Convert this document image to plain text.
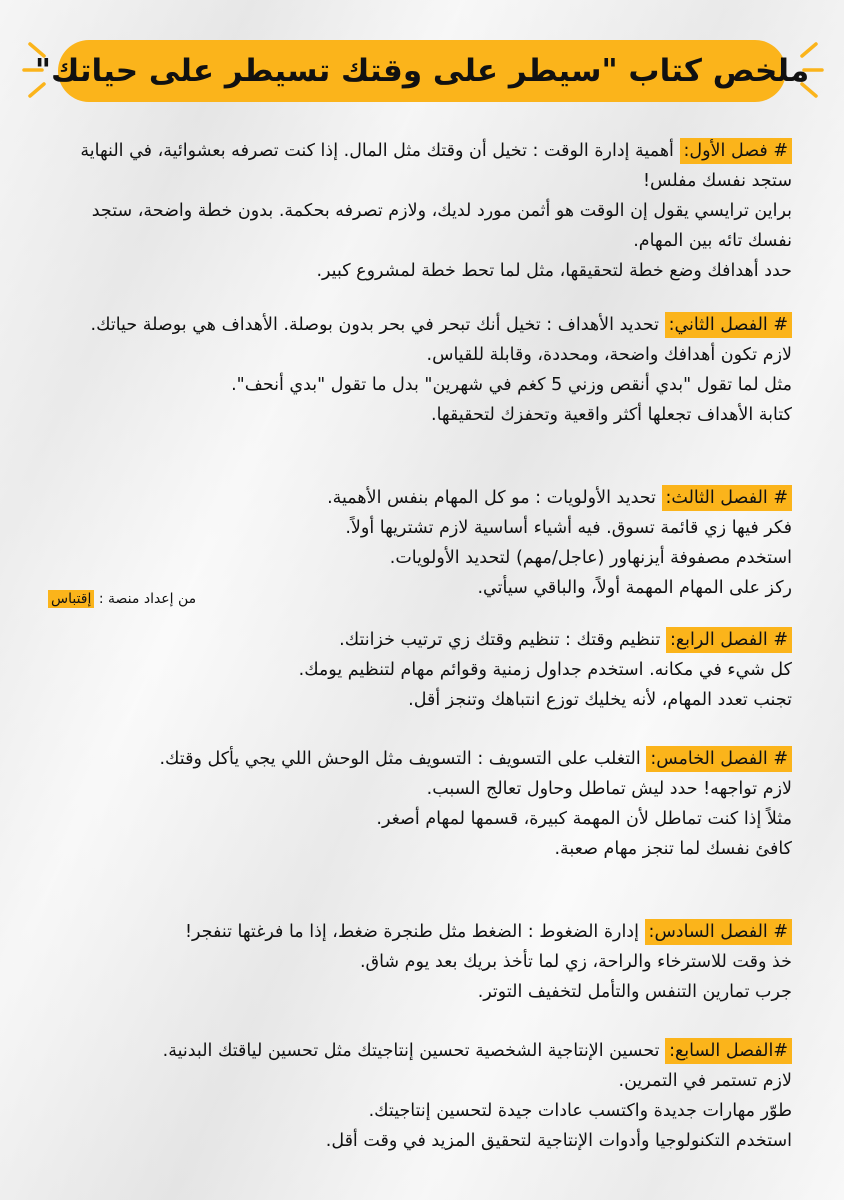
ملخص كتاب "سيطر على وقتك تسيطر على حياتك"
# فصل الأول: أهمية إدارة الوقت : تخيل أن وقتك مثل المال. إذا كنت تصرفه بعشوائية، في النهاية ستجد نفسك مفلس!
براين ترايسي يقول إن الوقت هو أثمن مورد لديك، ولازم تصرفه بحكمة. بدون خطة واضحة، ستجد نفسك تائه بين المهام.
حدد أهدافك وضع خطة لتحقيقها، مثل لما تحط خطة لمشروع كبير.
# الفصل الثاني: تحديد الأهداف : تخيل أنك تبحر في بحر بدون بوصلة. الأهداف هي بوصلة حياتك.
لازم تكون أهدافك واضحة، ومحددة، وقابلة للقياس.
مثل لما تقول "بدي أنقص وزني 5 كغم في شهرين" بدل ما تقول "بدي أنحف".
كتابة الأهداف تجعلها أكثر واقعية وتحفزك لتحقيقها.
# الفصل الثالث: تحديد الأولويات : مو كل المهام بنفس الأهمية.
فكر فيها زي قائمة تسوق. فيه أشياء أساسية لازم تشتريها أولاً.
استخدم مصفوفة أيزنهاور (عاجل/مهم) لتحديد الأولويات.
ركز على المهام المهمة أولاً، والباقي سيأتي.
من إعداد منصة : إقتباس
# الفصل الرابع: تنظيم وقتك : تنظيم وقتك زي ترتيب خزانتك.
كل شيء في مكانه. استخدم جداول زمنية وقوائم مهام لتنظيم يومك.
تجنب تعدد المهام، لأنه يخليك توزع انتباهك وتنجز أقل.
# الفصل الخامس: التغلب على التسويف : التسويف مثل الوحش اللي يجي يأكل وقتك.
لازم تواجهه! حدد ليش تماطل وحاول تعالج السبب.
مثلاً إذا كنت تماطل لأن المهمة كبيرة، قسمها لمهام أصغر.
كافئ نفسك لما تنجز مهام صعبة.
# الفصل السادس: إدارة الضغوط : الضغط مثل طنجرة ضغط، إذا ما فرغتها تنفجر!
خذ وقت للاسترخاء والراحة، زي لما تأخذ بريك بعد يوم شاق.
جرب تمارين التنفس والتأمل لتخفيف التوتر.
#الفصل السابع: تحسين الإنتاجية الشخصية تحسين إنتاجيتك مثل تحسين لياقتك البدنية.
لازم تستمر في التمرين.
طوّر مهارات جديدة واكتسب عادات جيدة لتحسين إنتاجيتك.
استخدم التكنولوجيا وأدوات الإنتاجية لتحقيق المزيد في وقت أقل.
